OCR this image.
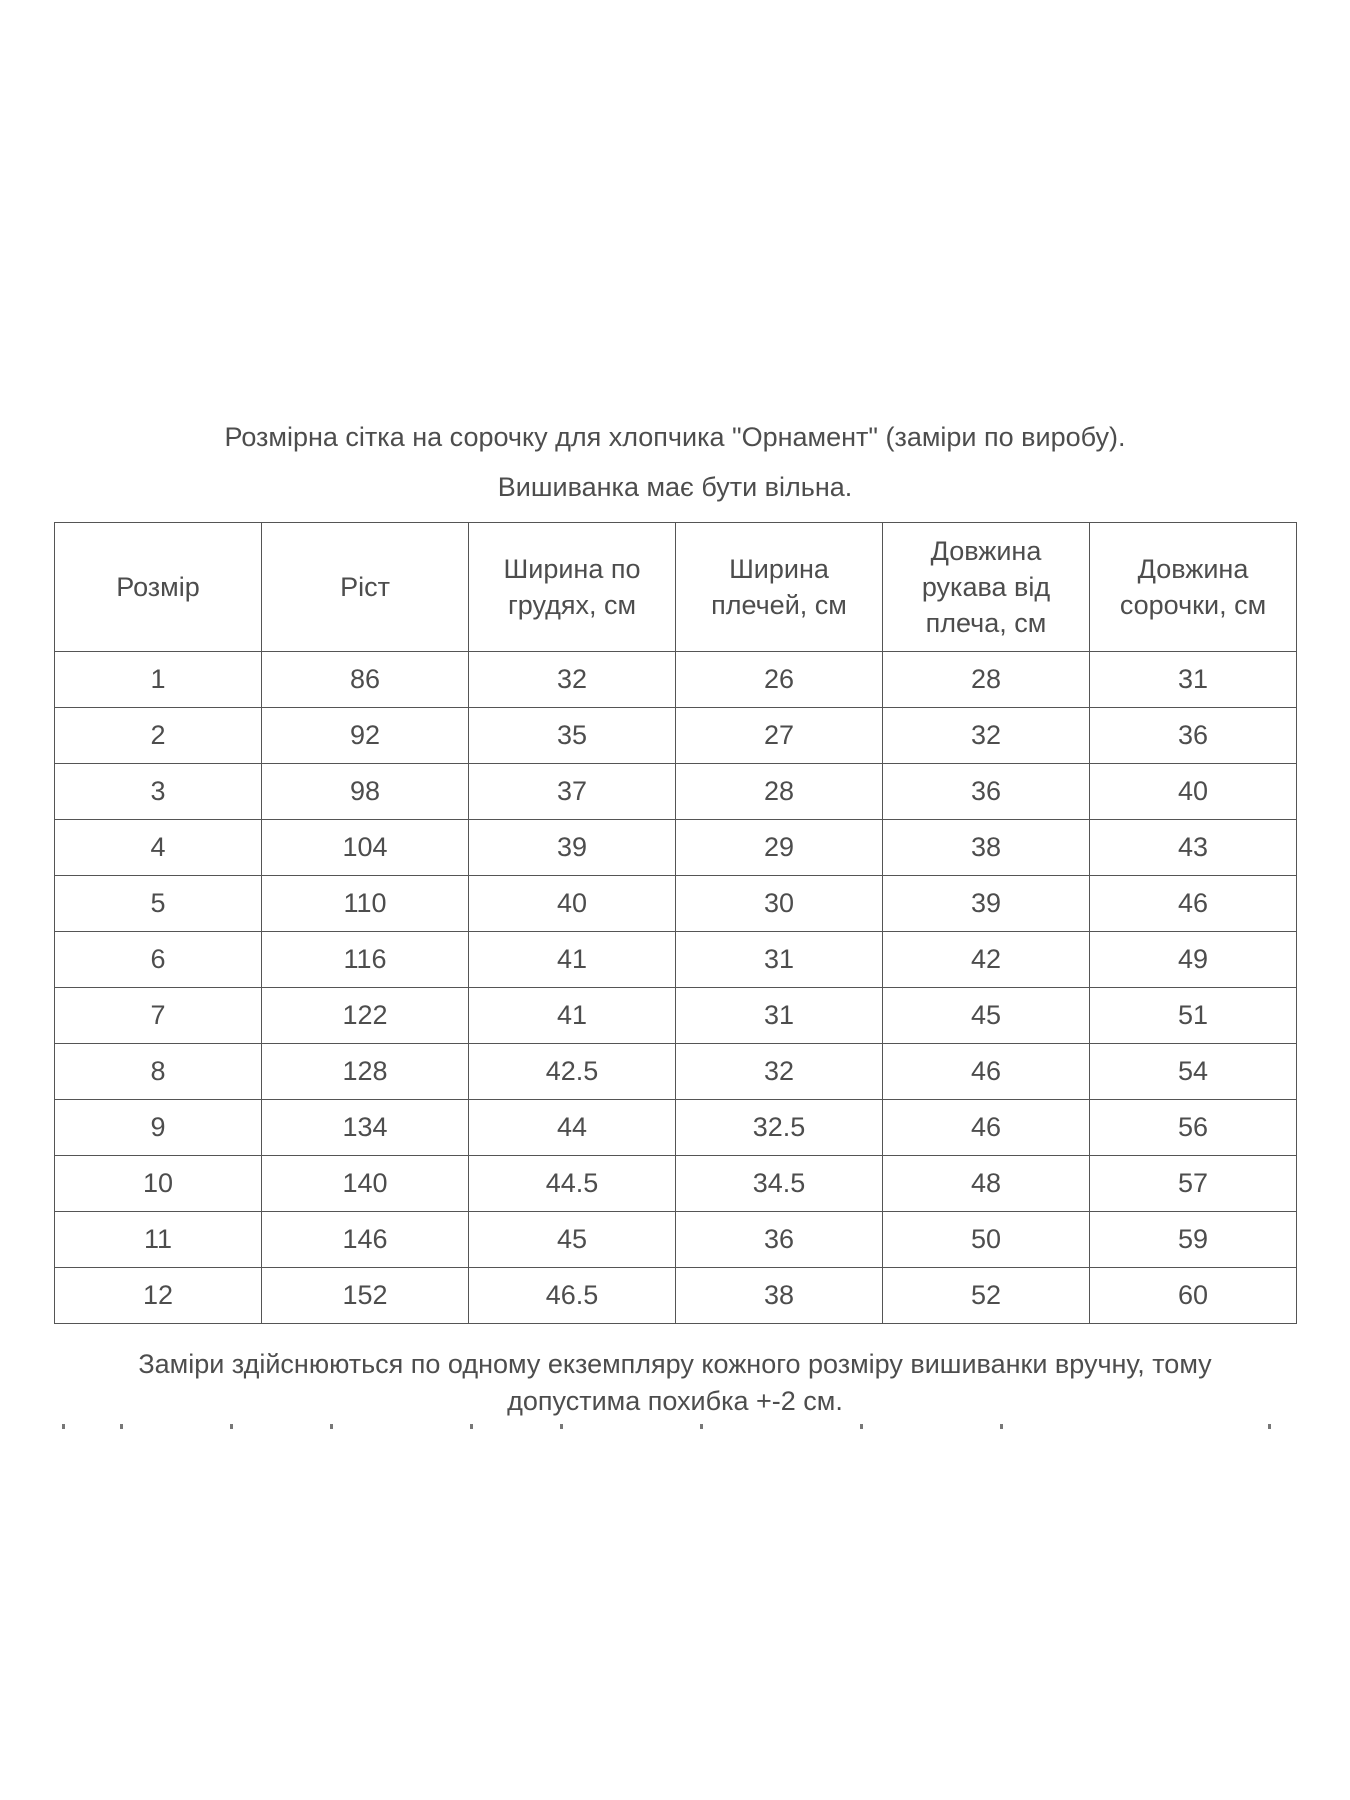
Розмірна сітка на сорочку для хлопчика "Орнамент" (заміри по виробу).
Вишиванка має бути вільна.
Розмір	Ріст	Ширина по грудях, см	Ширина плечей, см	Довжина рукава від плеча, см	Довжина сорочки, см
1	86	32	26	28	31
2	92	35	27	32	36
3	98	37	28	36	40
4	104	39	29	38	43
5	110	40	30	39	46
6	116	41	31	42	49
7	122	41	31	45	51
8	128	42.5	32	46	54
9	134	44	32.5	46	56
10	140	44.5	34.5	48	57
11	146	45	36	50	59
12	152	46.5	38	52	60
Заміри здійснюються по одному екземпляру кожного розміру вишиванки вручну, тому допустима похибка +-2 см.
